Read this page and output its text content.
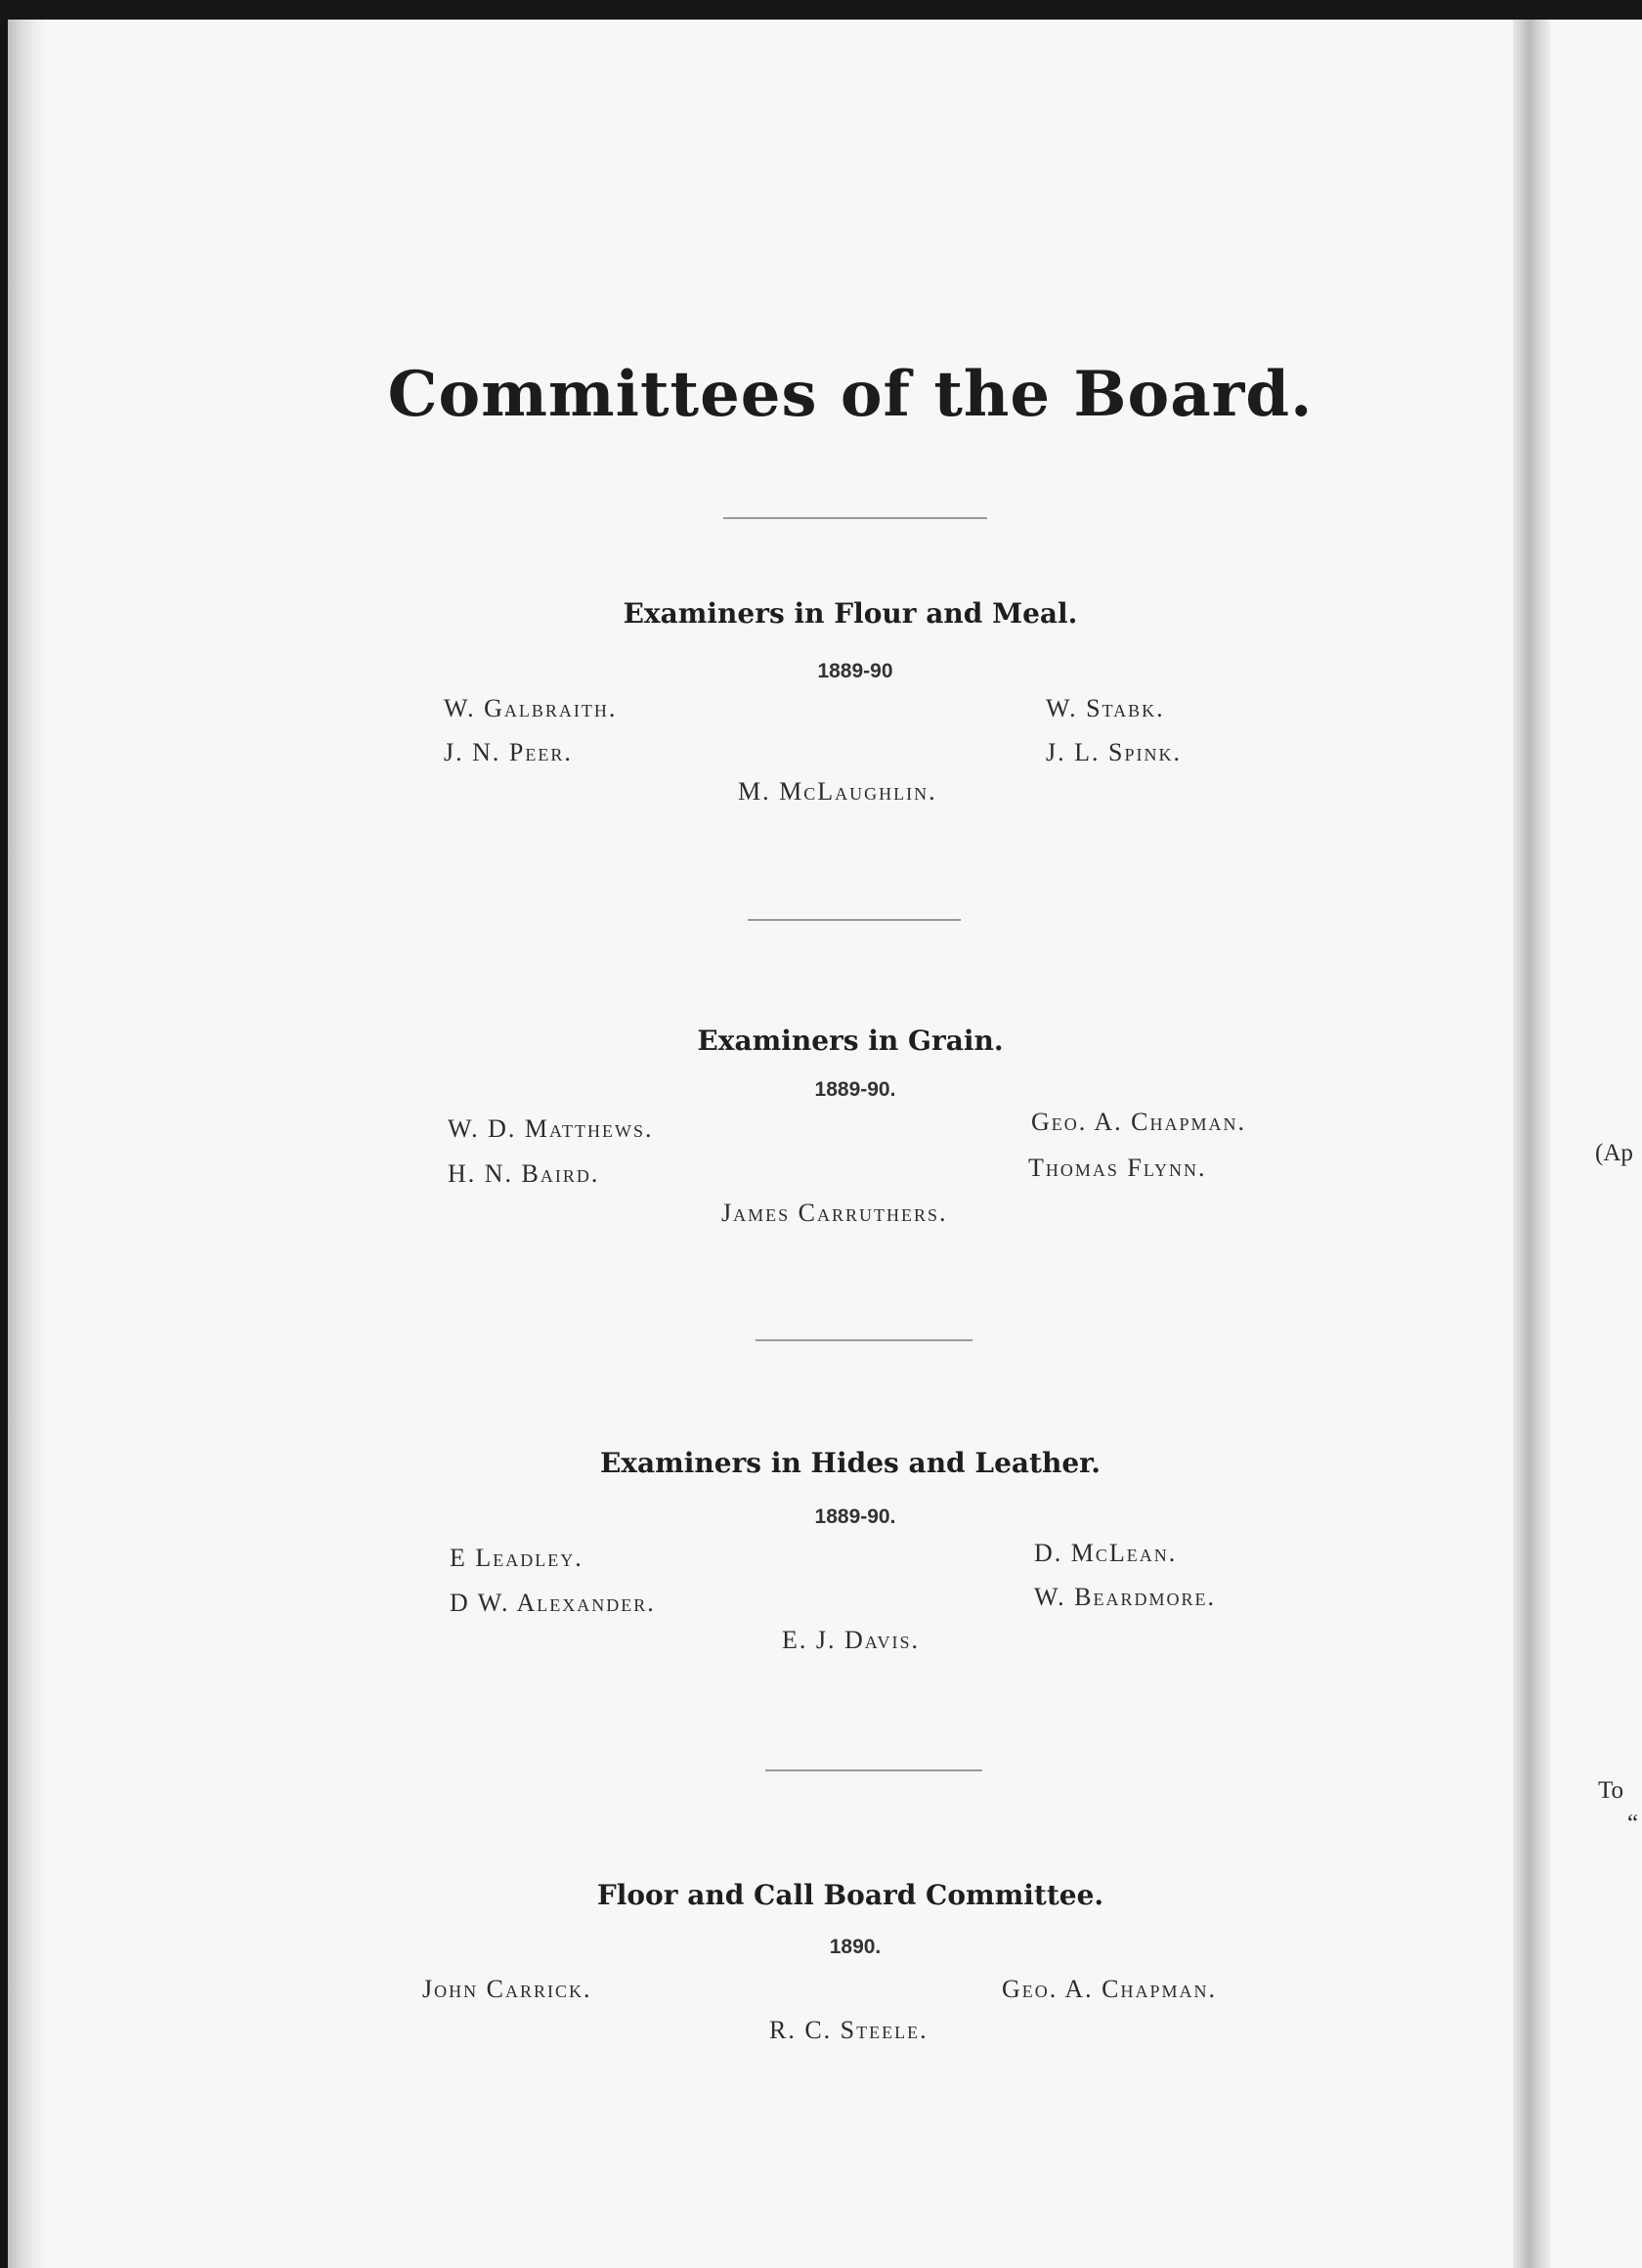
(Ap
To
“
Committees of the Board.
Examiners in Flour and Meal.
1889-90
W. Galbraith.
J. N. Peer.
W. Stabk.
J. L. Spink.
M. McLaughlin.
Examiners in Grain.
1889-90.
W. D. Matthews.
H. N. Baird.
Geo. A. Chapman.
Thomas Flynn.
James Carruthers.
Examiners in Hides and Leather.
1889-90.
E Leadley.
D W. Alexander.
D. McLean.
W. Beardmore.
E. J. Davis.
Floor and Call Board Committee.
1890.
John Carrick.	Geo. A. Chapman.
R. C. Steele.
